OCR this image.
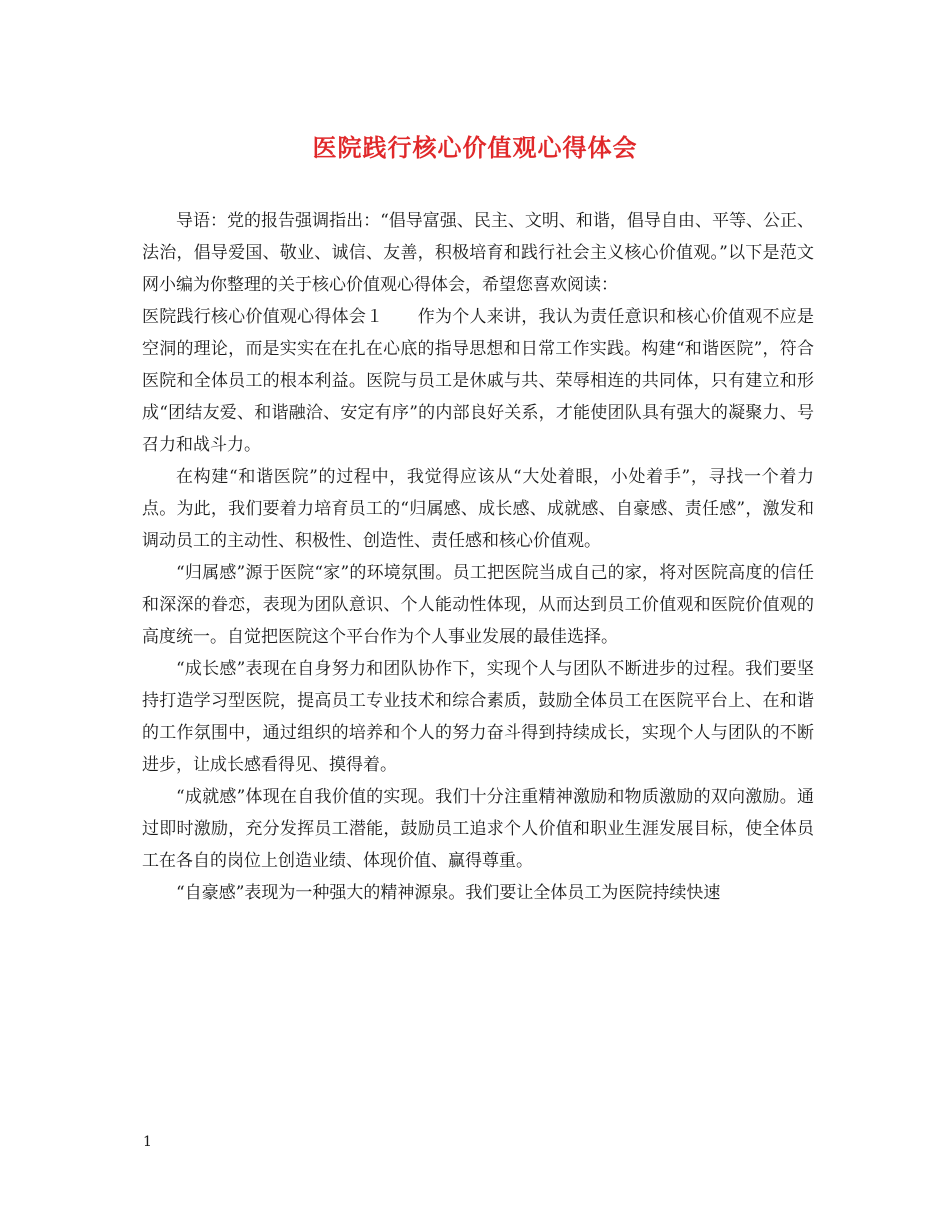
医院践行核心价值观心得体会

导语：党的报告强调指出：“倡导富强、民主、文明、和谐，倡导自由、平等、公正、法治，倡导爱国、敬业、诚信、友善，积极培育和践行社会主义核心价值观。”以下是范文网小编为你整理的关于核心价值观心得体会，希望您喜欢阅读：

医院践行核心价值观心得体会１　　作为个人来讲，我认为责任意识和核心价值观不应是空洞的理论，而是实实在在扎在心底的指导思想和日常工作实践。构建“和谐医院”，符合医院和全体员工的根本利益。医院与员工是休戚与共、荣辱相连的共同体，只有建立和形成“团结友爱、和谐融洽、安定有序”的内部良好关系，才能使团队具有强大的凝聚力、号召力和战斗力。

在构建“和谐医院”的过程中，我觉得应该从“大处着眼，小处着手”，寻找一个着力点。为此，我们要着力培育员工的“归属感、成长感、成就感、自豪感、责任感”，激发和调动员工的主动性、积极性、创造性、责任感和核心价值观。

“归属感”源于医院“家”的环境氛围。员工把医院当成自己的家，将对医院高度的信任和深深的眷恋，表现为团队意识、个人能动性体现，从而达到员工价值观和医院价值观的高度统一。自觉把医院这个平台作为个人事业发展的最佳选择。

“成长感”表现在自身努力和团队协作下，实现个人与团队不断进步的过程。我们要坚持打造学习型医院，提高员工专业技术和综合素质，鼓励全体员工在医院平台上、在和谐的工作氛围中，通过组织的培养和个人的努力奋斗得到持续成长，实现个人与团队的不断进步，让成长感看得见、摸得着。

“成就感”体现在自我价值的实现。我们十分注重精神激励和物质激励的双向激励。通过即时激励，充分发挥员工潜能，鼓励员工追求个人价值和职业生涯发展目标，使全体员工在各自的岗位上创造业绩、体现价值、赢得尊重。

“自豪感”表现为一种强大的精神源泉。我们要让全体员工为医院持续快速

1
